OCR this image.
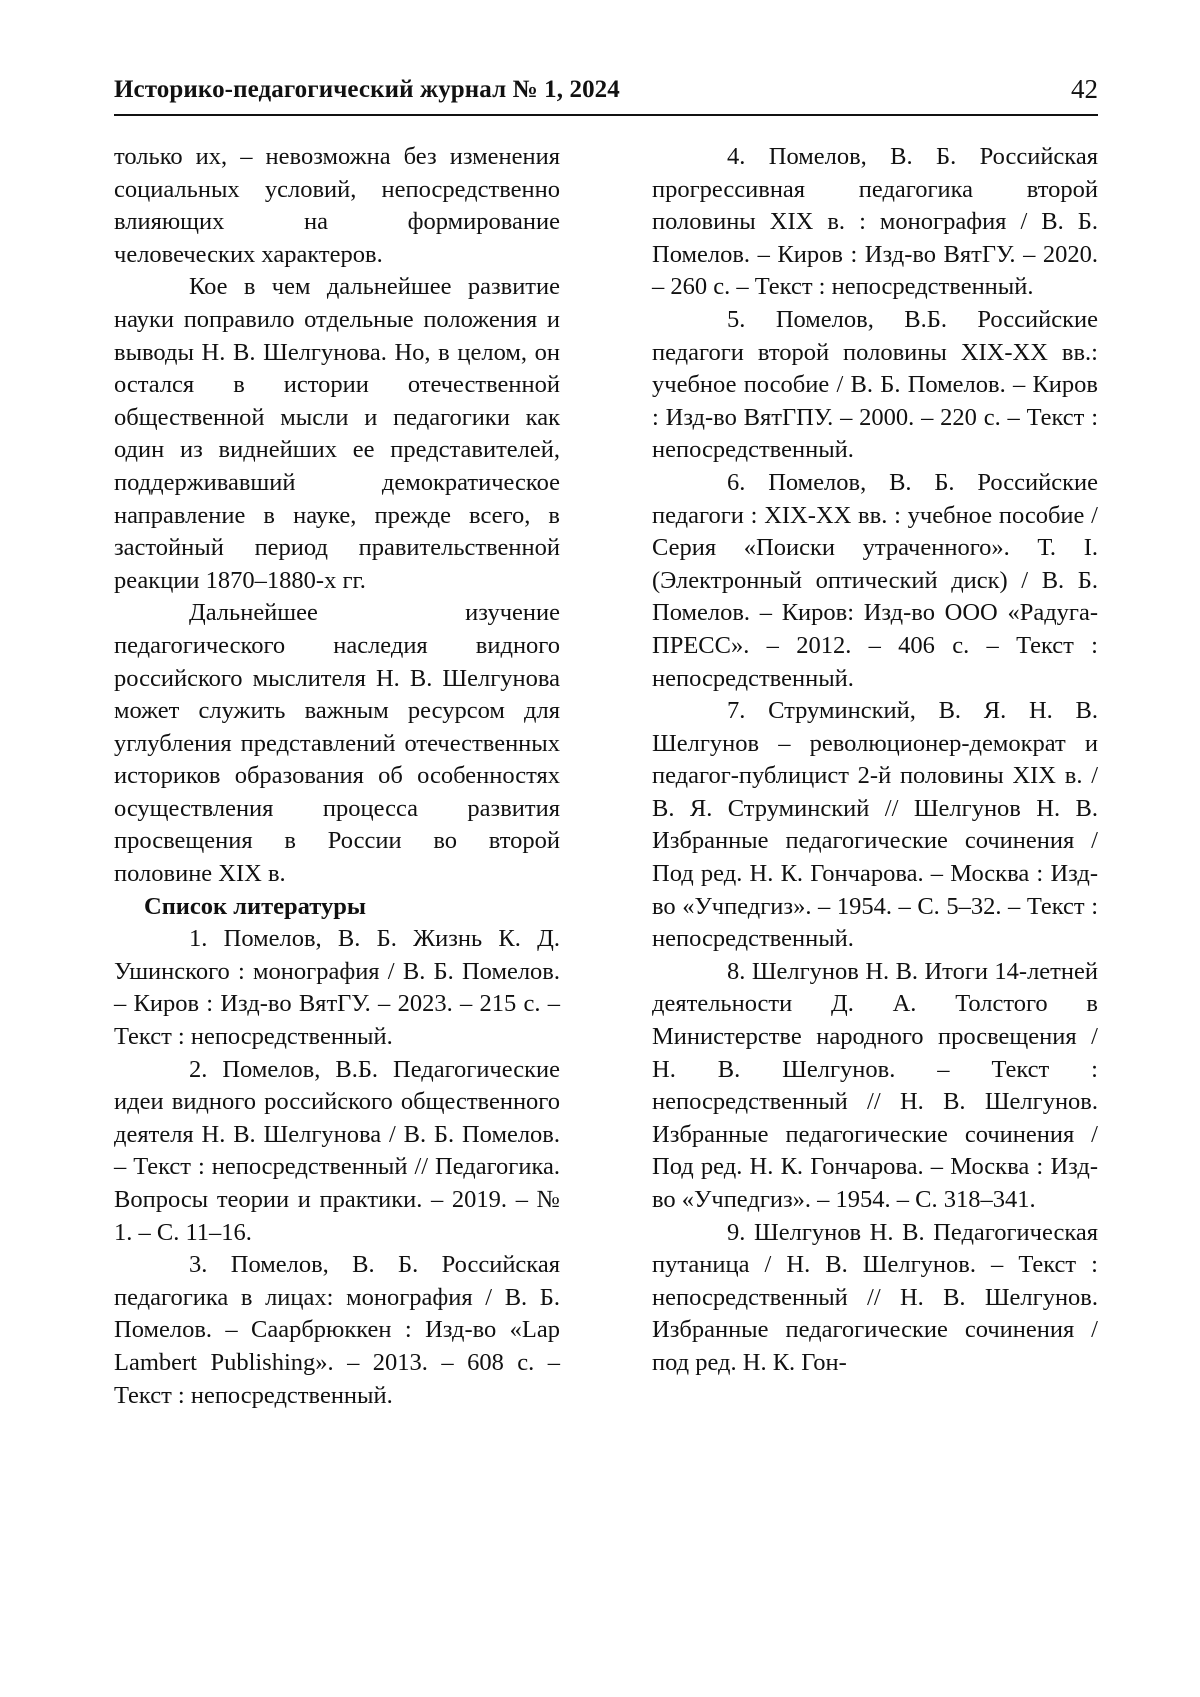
Историко-педагогический журнал № 1, 2024	42

только их, – невозможна без изменения социальных условий, непосредственно влияющих на формирование человеческих характеров.

Кое в чем дальнейшее развитие науки поправило отдельные положения и выводы Н. В. Шелгунова. Но, в целом, он остался в истории отечественной общественной мысли и педагогики как один из виднейших ее представителей, поддерживавший демократическое направление в науке, прежде всего, в застойный период правительственной реакции 1870–1880-х гг.

Дальнейшее изучение педагогического наследия видного российского мыслителя Н. В. Шелгунова может служить важным ресурсом для углубления представлений отечественных историков образования об особенностях осуществления процесса развития просвещения в России во второй половине XIX в.

Список литературы

1. Помелов, В. Б. Жизнь К. Д. Ушинского : монография / В. Б. Помелов. – Киров : Изд-во ВятГУ. – 2023. – 215 с. – Текст : непосредственный.

2. Помелов, В.Б. Педагогические идеи видного российского общественного деятеля Н. В. Шелгунова / В. Б. Помелов. – Текст : непосредственный // Педагогика. Вопросы теории и практики. – 2019. – № 1. – С. 11–16.

3. Помелов, В. Б. Российская педагогика в лицах: монография / В. Б. Помелов. – Саарбрюккен : Изд-во «Lap Lambert Publishing». – 2013. – 608 с. – Текст : непосредственный.

4. Помелов, В. Б. Российская прогрессивная педагогика второй половины XIX в. : монография / В. Б. Помелов. – Киров : Изд-во ВятГУ. – 2020. – 260 с. – Текст : непосредственный.

5. Помелов, В.Б. Российские педагоги второй половины XIX-XX вв.: учебное пособие / В. Б. Помелов. – Киров : Изд-во ВятГПУ. – 2000. – 220 с. – Текст : непосредственный.

6. Помелов, В. Б. Российские педагоги : XIX-XX вв. : учебное пособие / Серия «Поиски утраченного». Т. I. (Электронный оптический диск) / В. Б. Помелов. – Киров: Изд-во ООО «Радуга-ПРЕСС». – 2012. – 406 с. – Текст : непосредственный.

7. Струминский, В. Я. Н. В. Шелгунов – революционер-демократ и педагог-публицист 2-й половины XIX в. / В. Я. Струминский // Шелгунов Н. В. Избранные педагогические сочинения / Под ред. Н. К. Гончарова. – Москва : Изд-во «Учпедгиз». – 1954. – С. 5–32. – Текст : непосредственный.

8. Шелгунов Н. В. Итоги 14-летней деятельности Д. А. Толстого в Министерстве народного просвещения / Н. В. Шелгунов. – Текст : непосредственный // Н. В. Шелгунов. Избранные педагогические сочинения / Под ред. Н. К. Гончарова. – Москва : Изд-во «Учпедгиз». – 1954. – С. 318–341.

9. Шелгунов Н. В. Педагогическая путаница / Н. В. Шелгунов. – Текст : непосредственный // Н. В. Шелгунов. Избранные педагогические сочинения / под ред. Н. К. Гон-
